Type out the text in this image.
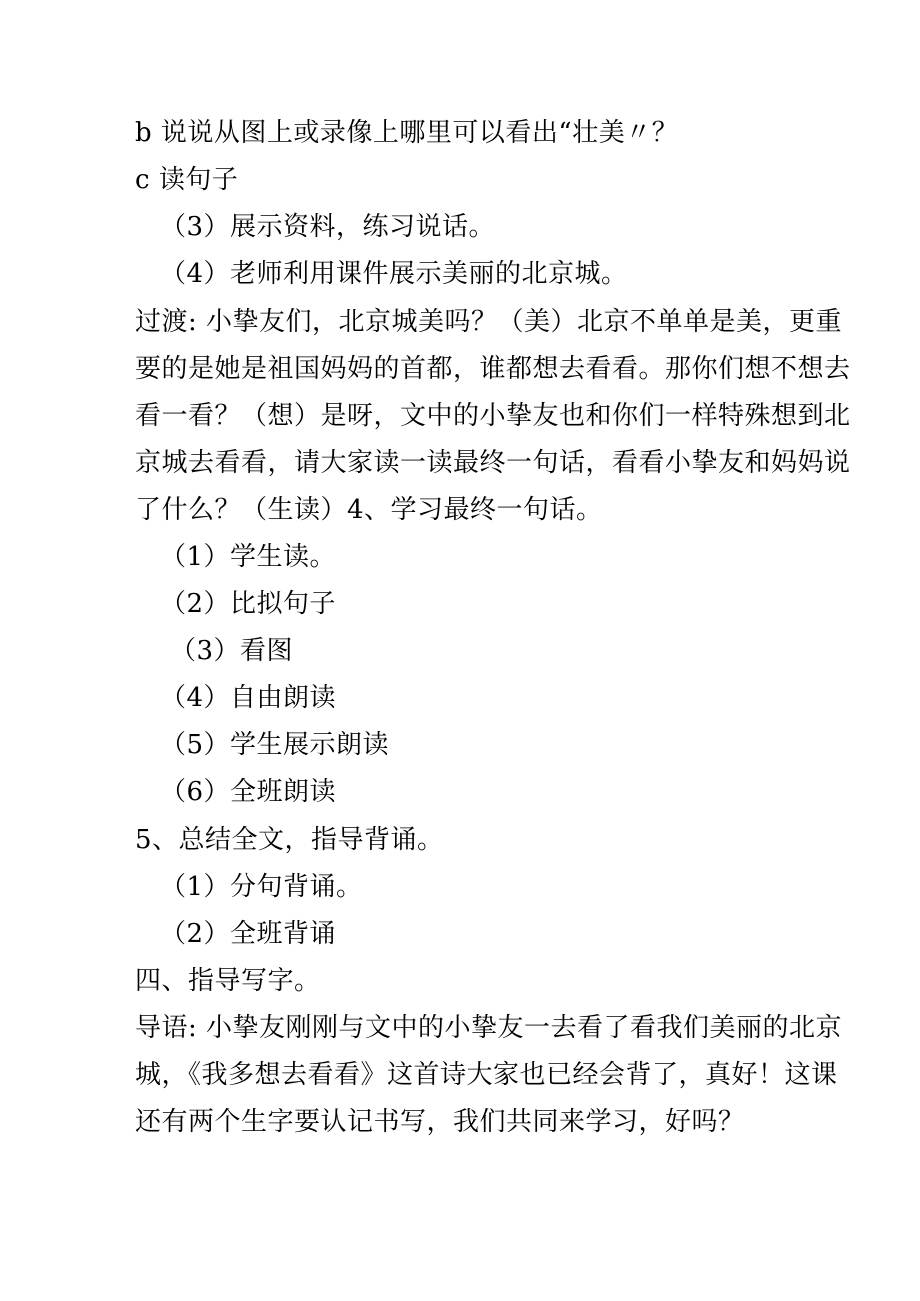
b 说说从图上或录像上哪里可以看出“壮美〃？
c 读句子
（3）展示资料，练习说话。
（4）老师利用课件展示美丽的北京城。
过渡: 小挚友们，北京城美吗？（美）北京不单单是美，更重
要的是她是祖国妈妈的首都，谁都想去看看。那你们想不想去
看一看？（想）是呀，文中的小挚友也和你们一样特殊想到北
京城去看看，请大家读一读最终一句话，看看小挚友和妈妈说
了什么？（生读）4、学习最终一句话。
（1）学生读。
（2）比拟句子
（3）看图
（4）自由朗读
（5）学生展示朗读
（6）全班朗读
5、总结全文，指导背诵。
（1）分句背诵。
（2）全班背诵
四、指导写字。
导语: 小挚友刚刚与文中的小挚友一去看了看我们美丽的北京
城，《我多想去看看》这首诗大家也已经会背了，真好！这课
还有两个生字要认记书写，我们共同来学习，好吗？
